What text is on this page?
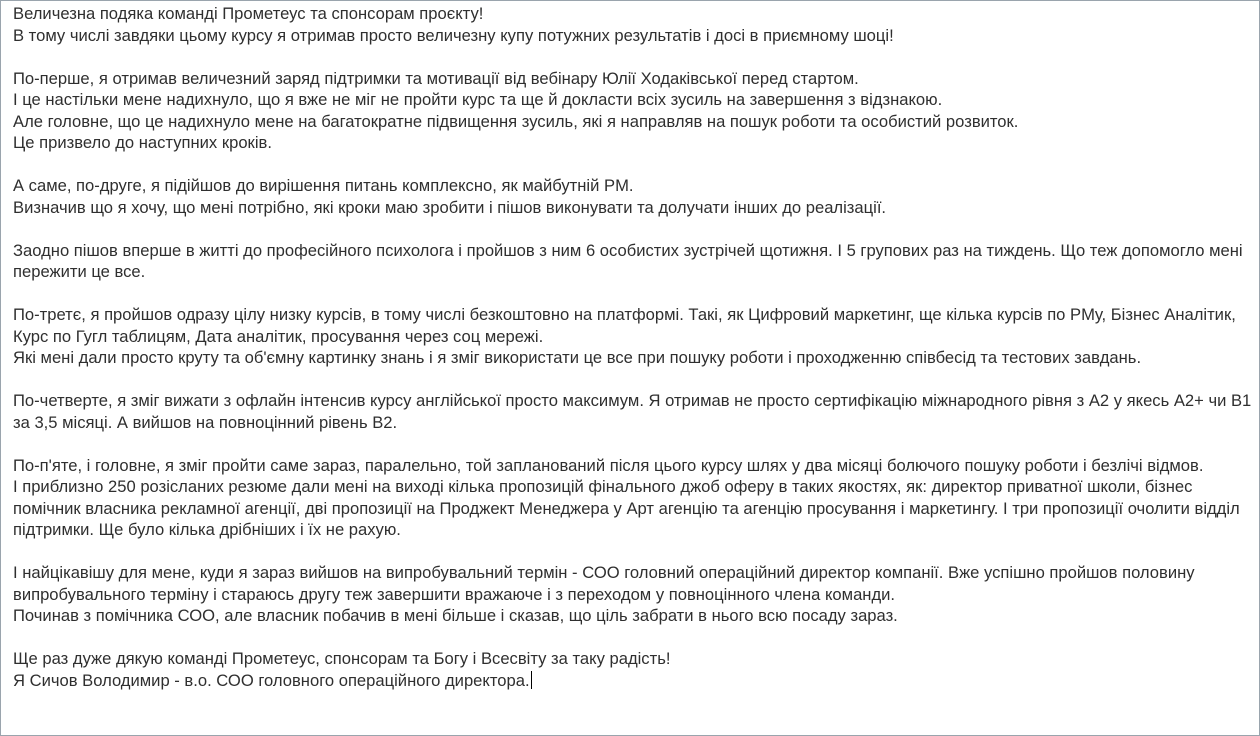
Величезна подяка команді Прометеус та спонсорам проєкту!
В тому числі завдяки цьому курсу я отримав просто величезну купу потужних результатів і досі в приємному шоці!
По-перше, я отримав величезний заряд підтримки та мотивації від вебінару Юлії Ходаківської перед стартом.
І це настільки мене надихнуло, що я вже не міг не пройти курс та ще й докласти всіх зусиль на завершення з відзнакою.
Але головне, що це надихнуло мене на багатократне підвищення зусиль, які я направляв на пошук роботи та особистий розвиток.
Це призвело до наступних кроків.
А саме, по-друге, я підійшов до вирішення питань комплексно, як майбутній PM.
Визначив що я хочу, що мені потрібно, які кроки маю зробити і пішов виконувати та долучати інших до реалізації.
Заодно пішов вперше в житті до професійного психолога і пройшов з ним 6 особистих зустрічей щотижня. І 5 групових раз на тиждень. Що теж допомогло мені пережити це все.
По-третє, я пройшов одразу цілу низку курсів, в тому числі безкоштовно на платформі. Такі, як Цифровий маркетинг, ще кілька курсів по PMу, Бізнес Аналітик, Курс по Гугл таблицям, Дата аналітик, просування через соц мережі.
Які мені дали просто круту та об'ємну картинку знань і я зміг використати це все при пошуку роботи і проходженню співбесід та тестових завдань.
По-четверте, я зміг вижати з офлайн інтенсив курсу англійської просто максимум. Я отримав не просто сертифікацію міжнародного рівня з А2 у якесь А2+ чи В1 за 3,5 місяці. А вийшов на повноцінний рівень В2.
По-п'яте, і головне, я зміг пройти саме зараз, паралельно, той запланований після цього курсу шлях у два місяці болючого пошуку роботи і безлічі відмов.
І приблизно 250 розісланих резюме дали мені на виході кілька пропозицій фінального джоб оферу в таких якостях, як: директор приватної школи, бізнес помічник власника рекламної агенції, дві пропозиції на Проджект Менеджера у Арт агенцію та агенцію просування і маркетингу. І три пропозиції очолити відділ підтримки. Ще було кілька дрібніших і їх не рахую.
І найцікавішу для мене, куди я зараз вийшов на випробувальний термін - СОО головний операційний директор компанії. Вже успішно пройшов половину випробувального терміну і стараюсь другу теж завершити вражаюче і з переходом у повноцінного члена команди.
Починав з помічника СОО, але власник побачив в мені більше і сказав, що ціль забрати в нього всю посаду зараз.
Ще раз дуже дякую команді Прометеус, спонсорам та Богу і Всесвіту за таку радість!
Я Сичов Володимир - в.о. СОО головного операційного директора.
